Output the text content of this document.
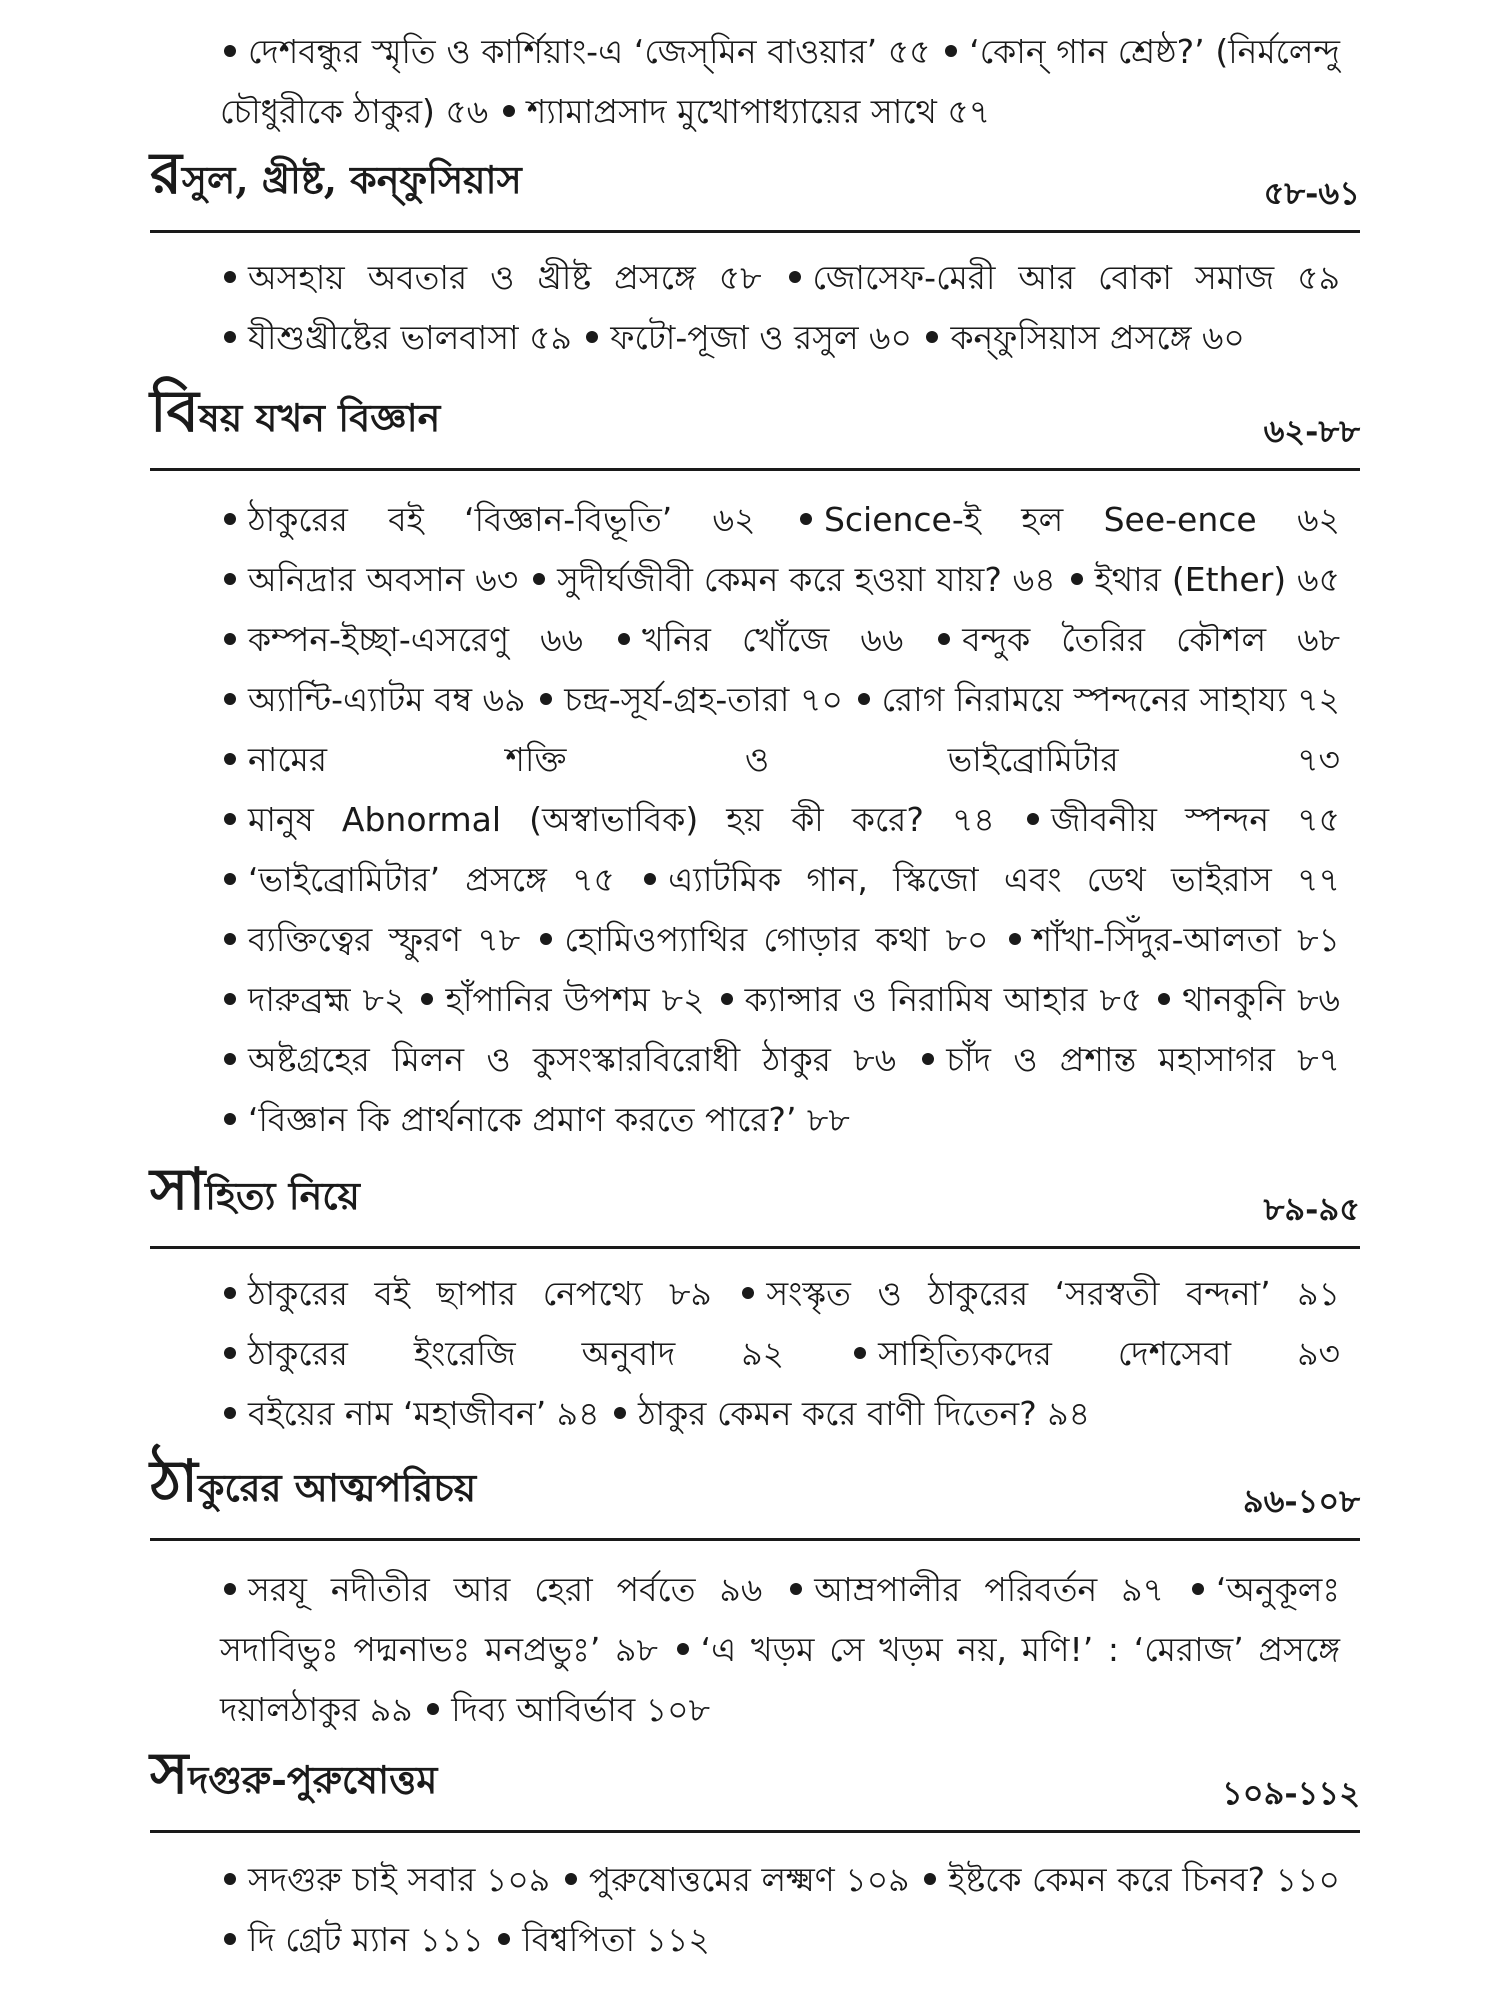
দেশবন্ধুর স্মৃতি ও কার্শিয়াং-এ ‘জেস্‌মিন বাওয়ার’ ৫৫ ‘কোন্ গান শ্রেষ্ঠ?’ (নির্মলেন্দু চৌধুরীকে ঠাকুর) ৫৬ শ্যামাপ্রসাদ মুখোপাধ্যায়ের সাথে ৫৭

রসুল, খ্রীষ্ট, কন্‌ফুসিয়াস	৫৮-৬১

অসহায় অবতার ও খ্রীষ্ট প্রসঙ্গে ৫৮ জোসেফ-মেরী আর বোকা সমাজ ৫৯ যীশুখ্রীষ্টের ভালবাসা ৫৯ ফটো-পূজা ও রসুল ৬০ কন্‌ফুসিয়াস প্রসঙ্গে ৬০

বিষয় যখন বিজ্ঞান	৬২-৮৮

ঠাকুরের বই ‘বিজ্ঞান-বিভূতি’ ৬২ Science-ই হল See-ence ৬২ অনিদ্রার অবসান ৬৩ সুদীর্ঘজীবী কেমন করে হওয়া যায়? ৬৪ ইথার (Ether) ৬৫ কম্পন-ইচ্ছা-এসরেণু ৬৬ খনির খোঁজে ৬৬ বন্দুক তৈরির কৌশল ৬৮ অ্যান্টি-এ্যাটম বম্ব ৬৯ চন্দ্র-সূর্য-গ্রহ-তারা ৭০ রোগ নিরাময়ে স্পন্দনের সাহায্য ৭২ নামের শক্তি ও ভাইব্রোমিটার ৭৩ মানুষ Abnormal (অস্বাভাবিক) হয় কী করে? ৭৪ জীবনীয় স্পন্দন ৭৫ ‘ভাইব্রোমিটার’ প্রসঙ্গে ৭৫ এ্যাটমিক গান, স্কিজো এবং ডেথ ভাইরাস ৭৭ ব্যক্তিত্বের স্ফুরণ ৭৮ হোমিওপ্যাথির গোড়ার কথা ৮০ শাঁখা-সিঁদুর-আলতা ৮১ দারুব্রহ্ম ৮২ হাঁপানির উপশম ৮২ ক্যান্সার ও নিরামিষ আহার ৮৫ থানকুনি ৮৬ অষ্টগ্রহের মিলন ও কুসংস্কারবিরোধী ঠাকুর ৮৬ চাঁদ ও প্রশান্ত মহাসাগর ৮৭ ‘বিজ্ঞান কি প্রার্থনাকে প্রমাণ করতে পারে?’ ৮৮

সাহিত্য নিয়ে	৮৯-৯৫

ঠাকুরের বই ছাপার নেপথ্যে ৮৯ সংস্কৃত ও ঠাকুরের ‘সরস্বতী বন্দনা’ ৯১ ঠাকুরের ইংরেজি অনুবাদ ৯২	সাহিত্যিকদের দেশসেবা ৯৩ বইয়ের নাম ‘মহাজীবন’ ৯৪ ঠাকুর কেমন করে বাণী দিতেন? ৯৪

ঠাকুরের আত্মপরিচয়	৯৬-১০৮

সরযূ নদীতীর আর হেরা পর্বতে ৯৬ আম্রপালীর পরিবর্তন ৯৭ ‘অনুকূলঃ সদাবিভুঃ পদ্মনাভঃ মনপ্রভুঃ’ ৯৮ ‘এ খড়ম সে খড়ম নয়, মণি!’ : ‘মেরাজ’ প্রসঙ্গে দয়ালঠাকুর ৯৯ দিব্য আবির্ভাব ১০৮

সদগুরু-পুরুষোত্তম	১০৯-১১২

সদগুরু চাই সবার ১০৯ পুরুষোত্তমের লক্ষ্মণ ১০৯ ইষ্টকে কেমন করে চিনব? ১১০ দি গ্রেট ম্যান ১১১ বিশ্বপিতা ১১২
